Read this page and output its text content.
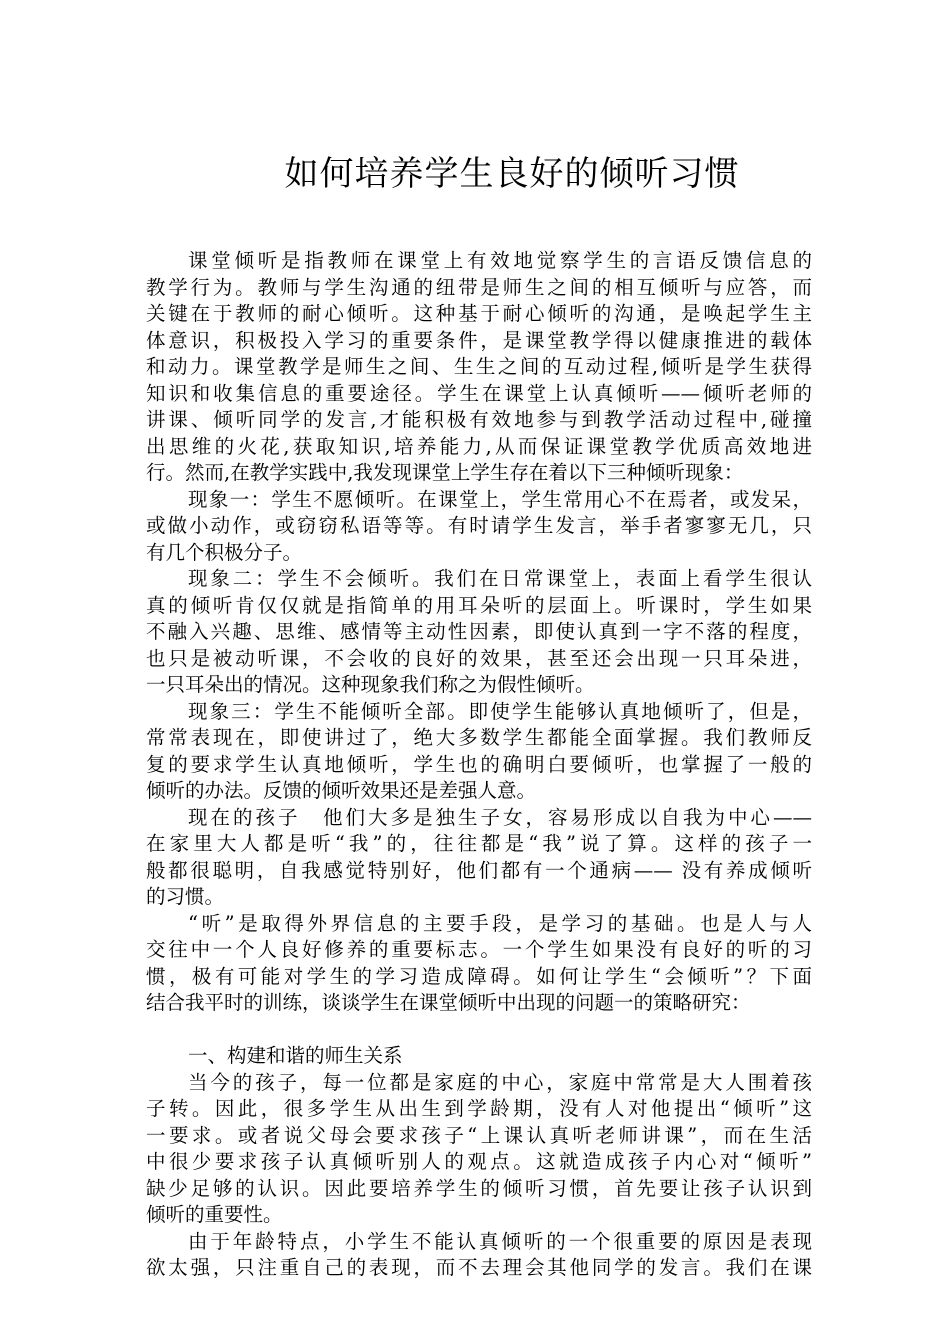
如何培养学生良好的倾听习惯
课堂倾听是指教师在课堂上有效地觉察学生的言语反馈信息的
教学行为。教师与学生沟通的纽带是师生之间的相互倾听与应答，而
关键在于教师的耐心倾听。这种基于耐心倾听的沟通，是唤起学生主
体意识，积极投入学习的重要条件，是课堂教学得以健康推进的载体
和动力。课堂教学是师生之间、生生之间的互动过程,倾听是学生获得
知识和收集信息的重要途径。学生在课堂上认真倾听——倾听老师的
讲课、倾听同学的发言,才能积极有效地参与到教学活动过程中,碰撞
出思维的火花,获取知识,培养能力,从而保证课堂教学优质高效地进
行。然而,在教学实践中,我发现课堂上学生存在着以下三种倾听现象：
现象一：学生不愿倾听。在课堂上，学生常用心不在焉者，或发呆，
或做小动作，或窃窃私语等等。有时请学生发言，举手者寥寥无几，只
有几个积极分子。
现象二：学生不会倾听。我们在日常课堂上，表面上看学生很认
真的倾听肯仅仅就是指简单的用耳朵听的层面上。听课时，学生如果
不融入兴趣、思维、感情等主动性因素，即使认真到一字不落的程度，
也只是被动听课，不会收的良好的效果，甚至还会出现一只耳朵进，
一只耳朵出的情况。这种现象我们称之为假性倾听。
现象三：学生不能倾听全部。即使学生能够认真地倾听了，但是，
常常表现在，即使讲过了，绝大多数学生都能全面掌握。我们教师反
复的要求学生认真地倾听，学生也的确明白要倾听，也掌握了一般的
倾听的办法。反馈的倾听效果还是差强人意。
现在的孩子　他们大多是独生子女，容易形成以自我为中心——
在家里大人都是听“我”的，往往都是“我”说了算。这样的孩子一
般都很聪明，自我感觉特别好，他们都有一个通病—— 没有养成倾听
的习惯。
“听”是取得外界信息的主要手段，是学习的基础。也是人与人
交往中一个人良好修养的重要标志。一个学生如果没有良好的听的习
惯，极有可能对学生的学习造成障碍。如何让学生“会倾听”？下面
结合我平时的训练，谈谈学生在课堂倾听中出现的问题一的策略研究：
一、构建和谐的师生关系
当今的孩子，每一位都是家庭的中心，家庭中常常是大人围着孩
子转。因此，很多学生从出生到学龄期，没有人对他提出“倾听”这
一要求。或者说父母会要求孩子“上课认真听老师讲课”，而在生活
中很少要求孩子认真倾听别人的观点。这就造成孩子内心对“倾听”
缺少足够的认识。因此要培养学生的倾听习惯，首先要让孩子认识到
倾听的重要性。
由于年龄特点，小学生不能认真倾听的一个很重要的原因是表现
欲太强，只注重自己的表现，而不去理会其他同学的发言。我们在课
